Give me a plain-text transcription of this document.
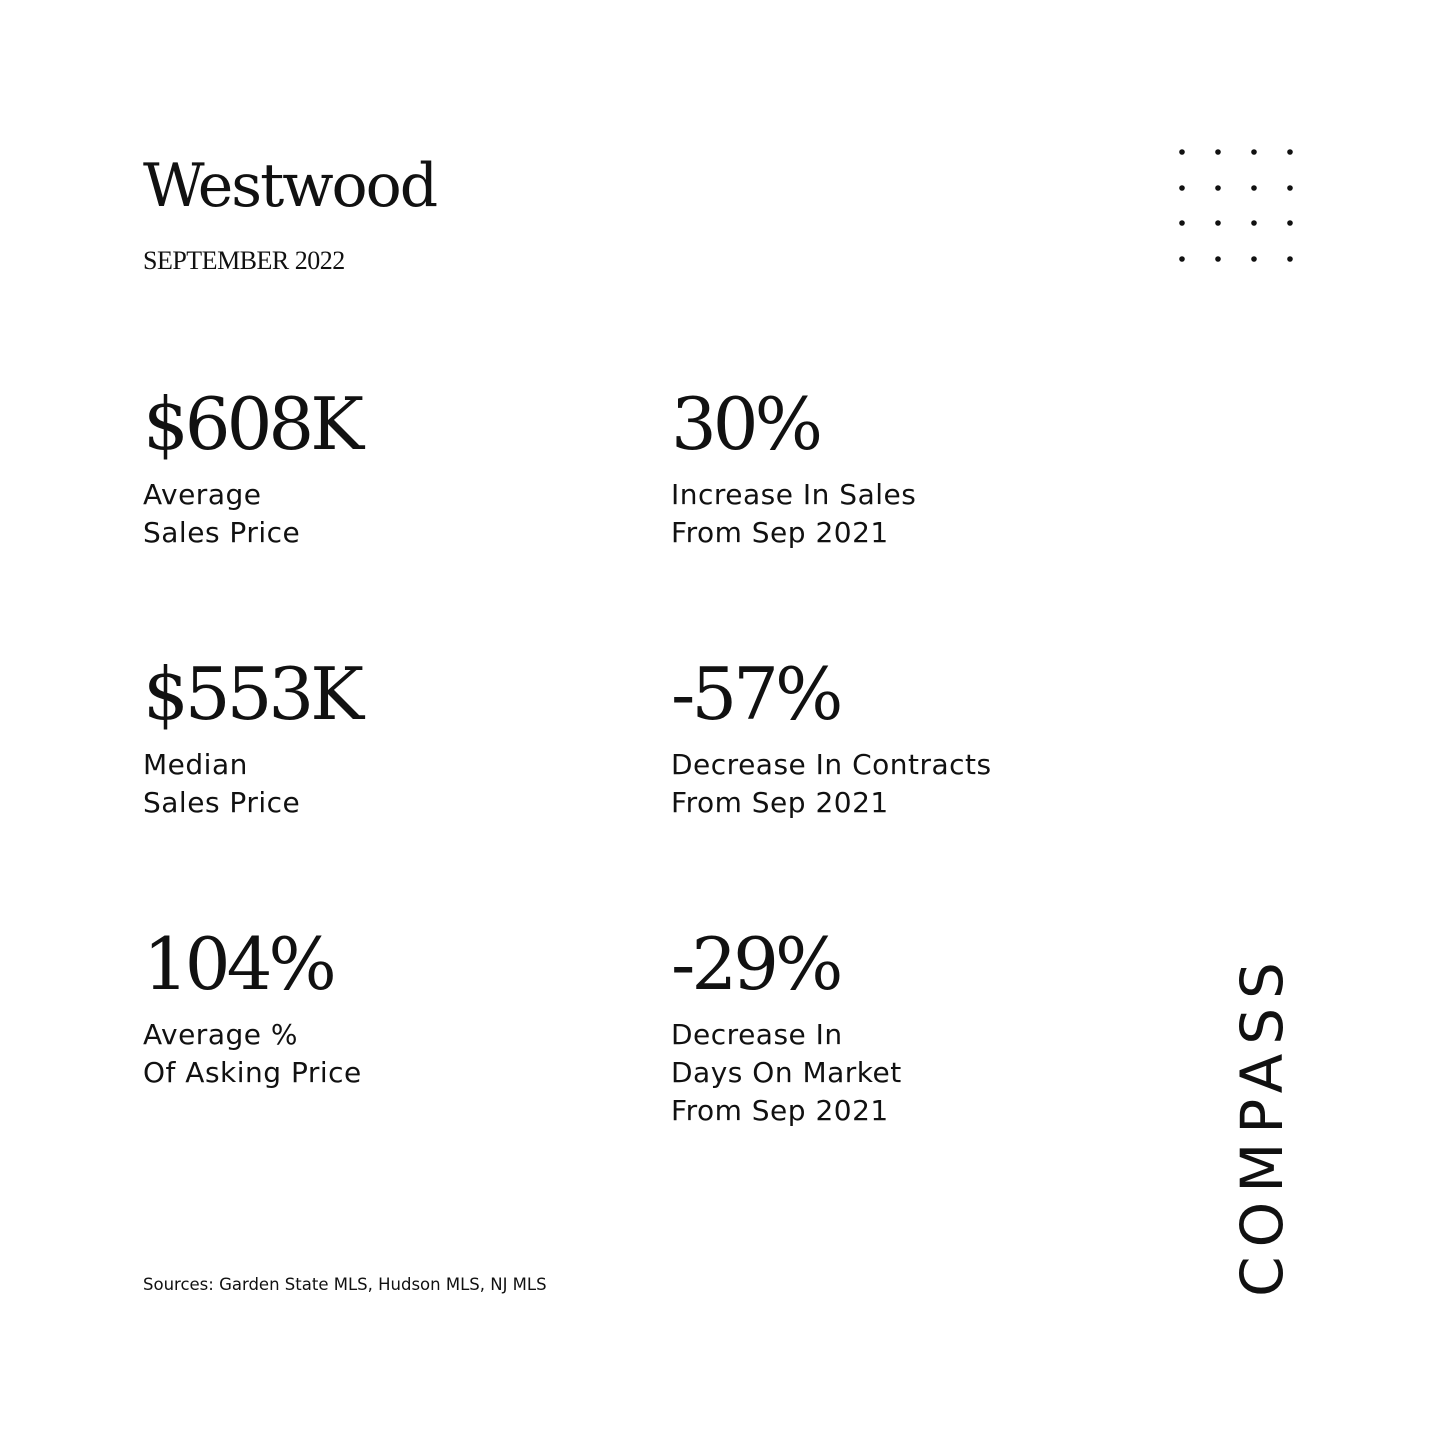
Westwood
SEPTEMBER 2022
$608K
Average
Sales Price
30%
Increase In Sales
From Sep 2021
$553K
Median
Sales Price
-57%
Decrease In Contracts
From Sep 2021
104%
Average %
Of Asking Price
-29%
Decrease In
Days On Market
From Sep 2021
Sources: Garden State MLS, Hudson MLS, NJ MLS	COMPASS
